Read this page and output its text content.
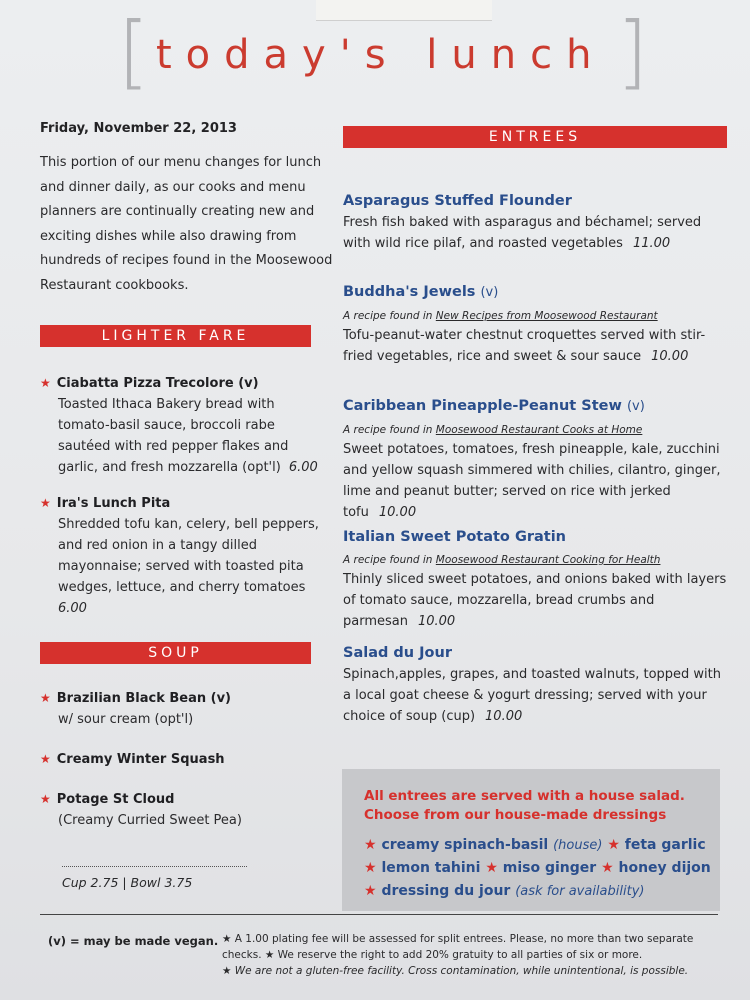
[ today's lunch ]
Friday, November 22, 2013
This portion of our menu changes for lunch and dinner daily, as our cooks and menu planners are continually creating new and exciting dishes while also drawing from hundreds of recipes found in the Moosewood Restaurant cookbooks.
LIGHTER FARE
★ Ciabatta Pizza Trecolore (v)
Toasted Ithaca Bakery bread with tomato-basil sauce, broccoli rabe sautéed with red pepper flakes and garlic, and fresh mozzarella (opt'l) 6.00
★ Ira's Lunch Pita
Shredded tofu kan, celery, bell peppers, and red onion in a tangy dilled mayonnaise; served with toasted pita wedges, lettuce, and cherry tomatoes
6.00
SOUP
★ Brazilian Black Bean (v)
w/ sour cream (opt'l)
★ Creamy Winter Squash
★ Potage St Cloud
(Creamy Curried Sweet Pea)
Cup 2.75 | Bowl 3.75
ENTREES
Asparagus Stuffed Flounder
Fresh fish baked with asparagus and béchamel; served with wild rice pilaf, and roasted vegetables 11.00
Buddha's Jewels (v)
A recipe found in New Recipes from Moosewood Restaurant
Tofu-peanut-water chestnut croquettes served with stir-fried vegetables, rice and sweet & sour sauce 10.00
Caribbean Pineapple-Peanut Stew (v)
A recipe found in Moosewood Restaurant Cooks at Home
Sweet potatoes, tomatoes, fresh pineapple, kale, zucchini and yellow squash simmered with chilies, cilantro, ginger, lime and peanut butter; served on rice with jerked tofu 10.00
Italian Sweet Potato Gratin
A recipe found in Moosewood Restaurant Cooking for Health
Thinly sliced sweet potatoes, and onions baked with layers of tomato sauce, mozzarella, bread crumbs and parmesan 10.00
Salad du Jour
Spinach,apples, grapes, and toasted walnuts, topped with a local goat cheese & yogurt dressing; served with your choice of soup (cup) 10.00
All entrees are served with a house salad.
Choose from our house-made dressings
★ creamy spinach-basil (house) ★ feta garlic
★ lemon tahini ★ miso ginger ★ honey dijon
★ dressing du jour (ask for availability)
(v) = may be made vegan. ★ A 1.00 plating fee will be assessed for split entrees. Please, no more than two separate checks. ★ We reserve the right to add 20% gratuity to all parties of six or more.
★ We are not a gluten-free facility. Cross contamination, while unintentional, is possible.
